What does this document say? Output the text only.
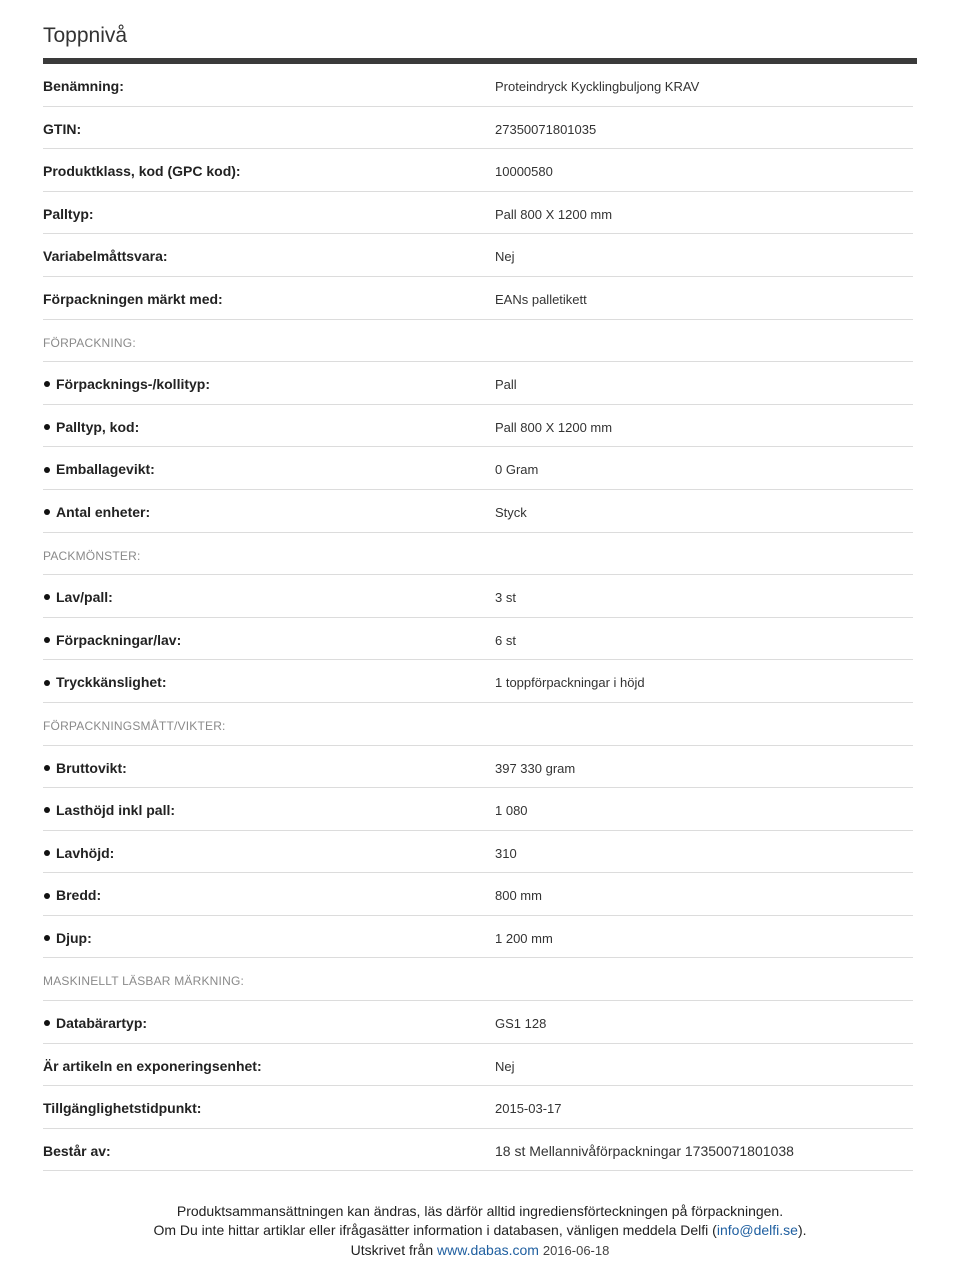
Toppnivå
Benämning:	Proteindryck Kycklingbuljong KRAV
GTIN:	27350071801035
Produktklass, kod (GPC kod):	10000580
Palltyp:	Pall 800 X 1200 mm
Variabelmåttsvara:	Nej
Förpackningen märkt med:	EANs palletikett
FÖRPACKNING:
Förpacknings-/kollityp:	Pall
Palltyp, kod:	Pall 800 X 1200 mm
Emballagevikt:	0 Gram
Antal enheter:	Styck
PACKMÖNSTER:
Lav/pall:	3 st
Förpackningar/lav:	6 st
Tryckkänslighet:	1 toppförpackningar i höjd
FÖRPACKNINGSMÅTT/VIKTER:
Bruttovikt:	397 330 gram
Lasthöjd inkl pall:	1 080
Lavhöjd:	310
Bredd:	800 mm
Djup:	1 200 mm
MASKINELLT LÄSBAR MÄRKNING:
Databärartyp:	GS1 128
Är artikeln en exponeringsenhet:	Nej
Tillgänglighetstidpunkt:	2015-03-17
Består av:	18 st Mellannivåförpackningar 17350071801038
Produktsammansättningen kan ändras, läs därför alltid ingrediensförteckningen på förpackningen.
Om Du inte hittar artiklar eller ifrågasätter information i databasen, vänligen meddela Delfi (info@delfi.se).
Utskrivet från www.dabas.com 2016-06-18
